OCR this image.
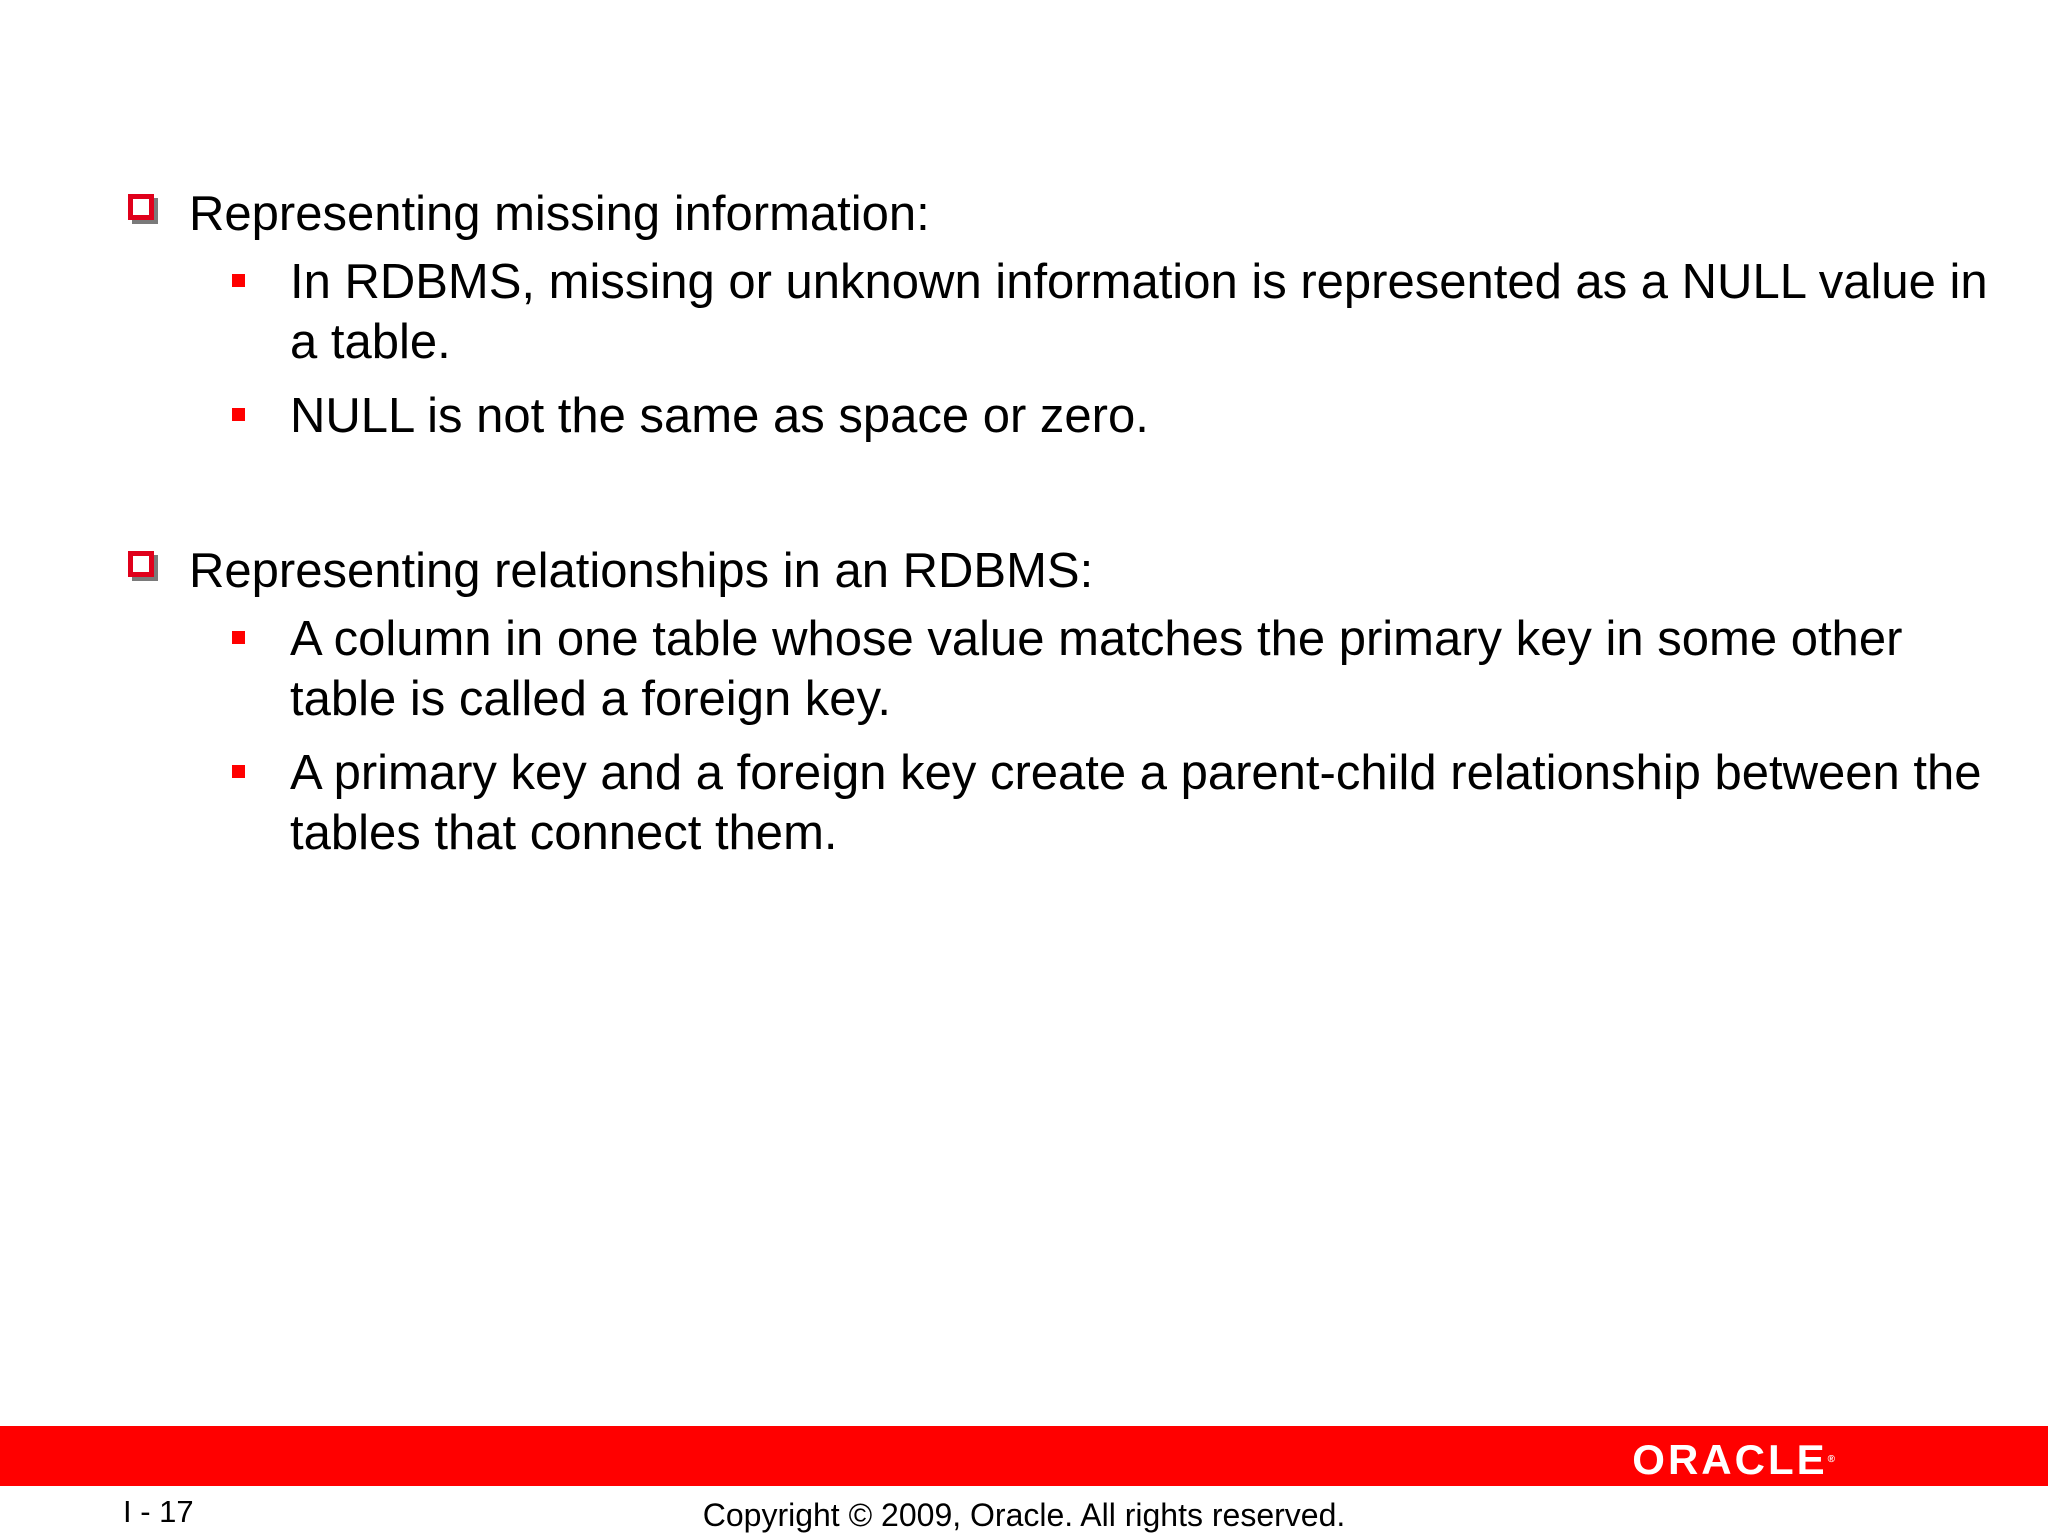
Representing missing information:
In RDBMS, missing or unknown information is represented as a NULL value in a table.
NULL is not the same as space or zero.
Representing relationships in an RDBMS:
A column in one table whose value matches the primary key in some other table is called a foreign key.
A primary key and a foreign key create a parent-child relationship between the tables that connect them.
ORACLE®
I - 17	Copyright © 2009, Oracle. All rights reserved.
